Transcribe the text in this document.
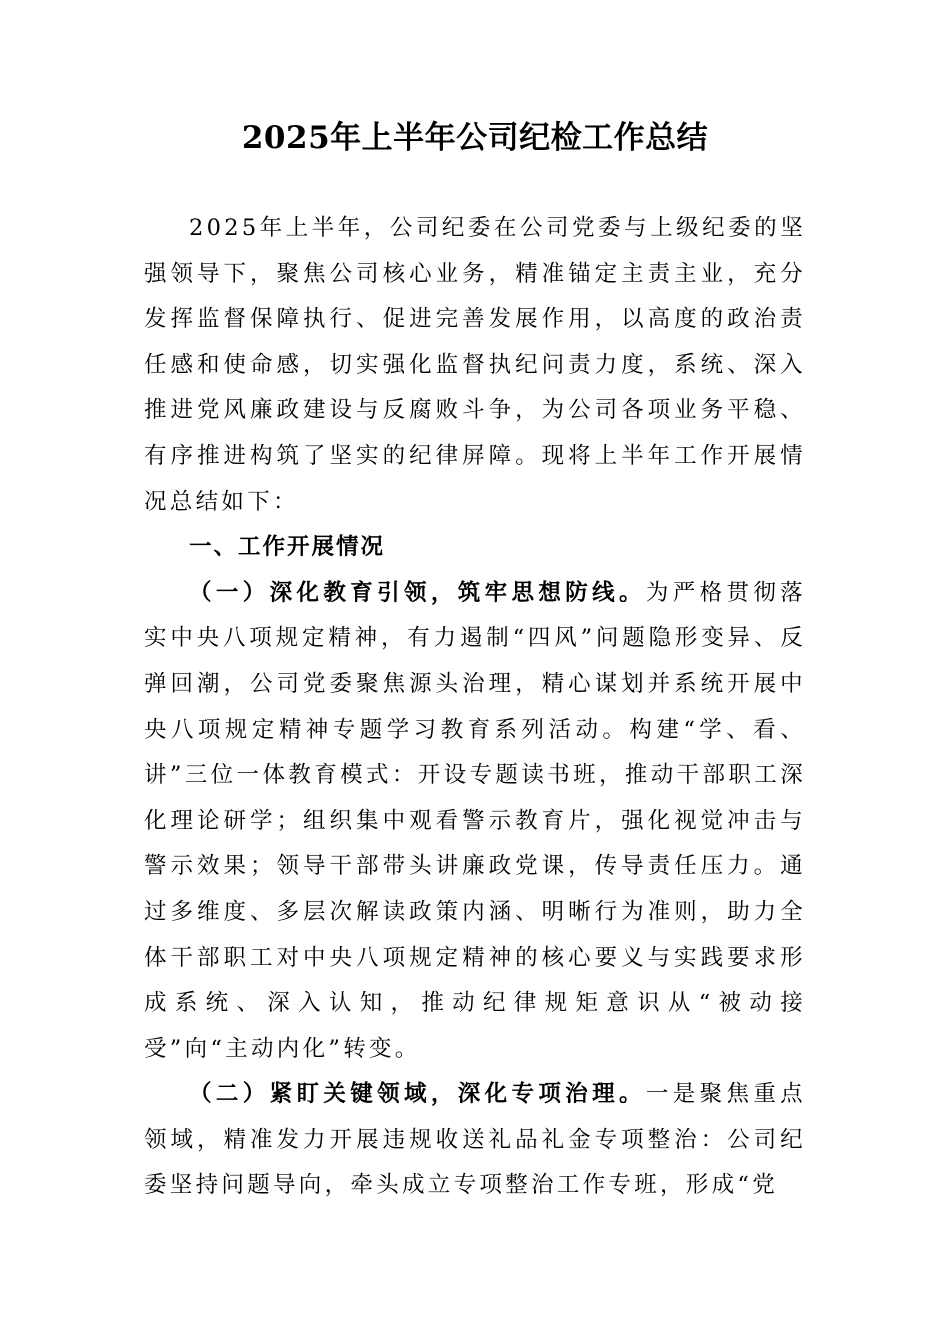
2025年上半年公司纪检工作总结

2025年上半年，公司纪委在公司党委与上级纪委的坚强领导下，聚焦公司核心业务，精准锚定主责主业，充分发挥监督保障执行、促进完善发展作用，以高度的政治责任感和使命感，切实强化监督执纪问责力度，系统、深入推进党风廉政建设与反腐败斗争，为公司各项业务平稳、有序推进构筑了坚实的纪律屏障。现将上半年工作开展情况总结如下：

一、工作开展情况

（一）深化教育引领，筑牢思想防线。为严格贯彻落实中央八项规定精神，有力遏制“四风”问题隐形变异、反弹回潮，公司党委聚焦源头治理，精心谋划并系统开展中央八项规定精神专题学习教育系列活动。构建“学、看、讲”三位一体教育模式：开设专题读书班，推动干部职工深化理论研学；组织集中观看警示教育片，强化视觉冲击与警示效果；领导干部带头讲廉政党课，传导责任压力。通过多维度、多层次解读政策内涵、明晰行为准则，助力全体干部职工对中央八项规定精神的核心要义与实践要求形成系统、深入认知，推动纪律规矩意识从“被动接受”向“主动内化”转变。

（二）紧盯关键领域，深化专项治理。一是聚焦重点领域，精准发力开展违规收送礼品礼金专项整治：公司纪委坚持问题导向，牵头成立专项整治工作专班，形成“党
